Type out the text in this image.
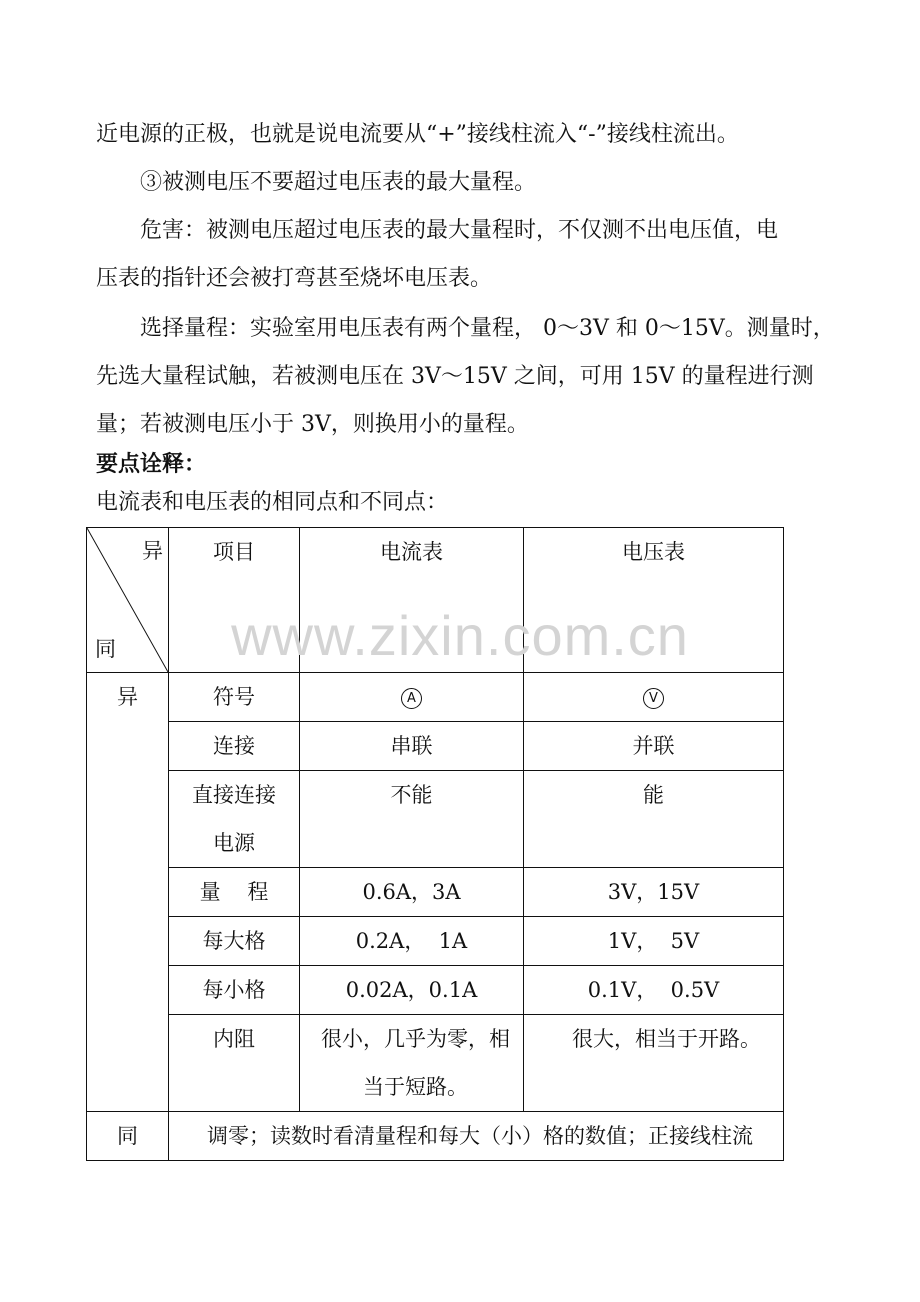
近电源的正极，也就是说电流要从“+”接线柱流入“-”接线柱流出。
③被测电压不要超过电压表的最大量程。
危害：被测电压超过电压表的最大量程时，不仅测不出电压值，电
压表的指针还会被打弯甚至烧坏电压表。
选择量程：实验室用电压表有两个量程， 0～3V 和 0～15V。测量时，
先选大量程试触，若被测电压在 3V～15V 之间，可用 15V 的量程进行测
量；若被测电压小于 3V，则换用小的量程。
要点诠释：
电流表和电压表的相同点和不同点：
异
同	项目	电流表	电压表
异	符号	A	V
	连接	串联	并联

	直接连接
电源	不能	能
	量    程	0.6A，3A	3V，15V
	每大格	0.2A，  1A	1V，  5V
	每小格	0.02A，0.1A	0.1V，  0.5V
	内阻	很小，几乎为零，相
当于短路。	很大，相当于开路。
同	调零；读数时看清量程和每大（小）格的数值；正接线柱流		
www.zixin.com.cn
